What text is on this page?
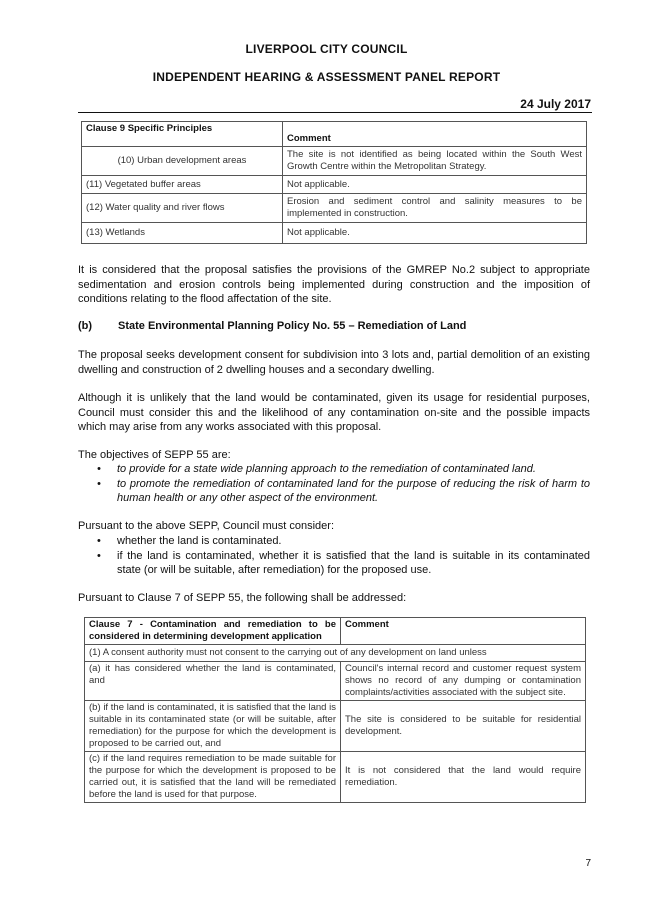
LIVERPOOL CITY COUNCIL
INDEPENDENT HEARING & ASSESSMENT PANEL REPORT
24 July 2017
Clause 9 Specific Principles	Comment
(10) Urban development areas	The site is not identified as being located within the South West Growth Centre within the Metropolitan Strategy.
(11) Vegetated buffer areas	Not applicable.
(12) Water quality and river flows	Erosion and sediment control and salinity measures to be implemented in construction.
(13) Wetlands	Not applicable.
It is considered that the proposal satisfies the provisions of the GMREP No.2 subject to appropriate sedimentation and erosion controls being implemented during construction and the imposition of conditions relating to the flood affectation of the site.
(b) State Environmental Planning Policy No. 55 – Remediation of Land
The proposal seeks development consent for subdivision into 3 lots and, partial demolition of an existing dwelling and construction of 2 dwelling houses and a secondary dwelling.
Although it is unlikely that the land would be contaminated, given its usage for residential purposes, Council must consider this and the likelihood of any contamination on-site and the possible impacts which may arise from any works associated with this proposal.
The objectives of SEPP 55 are:
• to provide for a state wide planning approach to the remediation of contaminated land.
• to promote the remediation of contaminated land for the purpose of reducing the risk of harm to human health or any other aspect of the environment.
Pursuant to the above SEPP, Council must consider:
• whether the land is contaminated.
• if the land is contaminated, whether it is satisfied that the land is suitable in its contaminated state (or will be suitable, after remediation) for the proposed use.
Pursuant to Clause 7 of SEPP 55, the following shall be addressed:
Clause 7 - Contamination and remediation to be considered in determining development application	Comment
(1) A consent authority must not consent to the carrying out of any development on land unless	
(a) it has considered whether the land is contaminated, and	Council's internal record and customer request system shows no record of any dumping or contamination complaints/activities associated with the subject site.
(b) if the land is contaminated, it is satisfied that the land is suitable in its contaminated state (or will be suitable, after remediation) for the purpose for which the development is proposed to be carried out, and	The site is considered to be suitable for residential development.
(c) if the land requires remediation to be made suitable for the purpose for which the development is proposed to be carried out, it is satisfied that the land will be remediated before the land is used for that purpose.	It is not considered that the land would require remediation.
7
